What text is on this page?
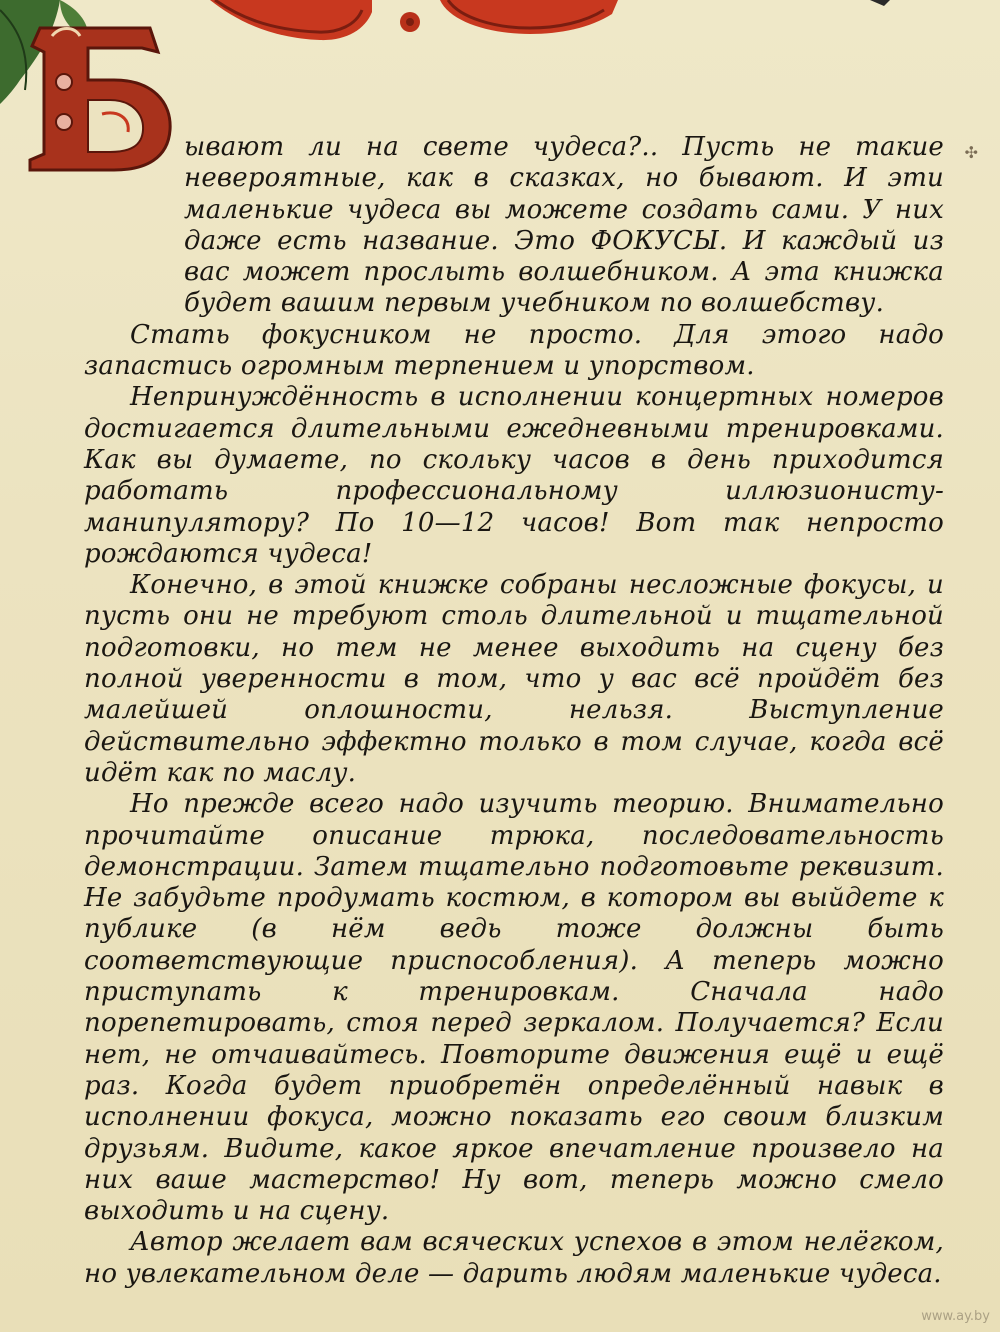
ывают ли на свете чудеса?.. Пусть не такие невероятные, как в сказках, но бывают. И эти маленькие чудеса вы можете создать сами. У них даже есть название. Это ФОКУСЫ. И каждый из вас может прослыть волшебником. А эта книжка будет вашим первым учебником по волшебству.

Стать фокусником не просто. Для этого надо запастись огромным терпением и упорством.

Непринуждённость в исполнении концертных номеров достигается длительными ежедневными тренировками. Как вы думаете, по скольку часов в день приходится работать профессиональному иллюзионисту-манипулятору? По 10—12 часов! Вот так непросто рождаются чудеса!

Конечно, в этой книжке собраны несложные фокусы, и пусть они не требуют столь длительной и тщательной подготовки, но тем не менее выходить на сцену без полной уверенности в том, что у вас всё пройдёт без малейшей оплошности, нельзя. Выступление действительно эффектно только в том случае, когда всё идёт как по маслу.

Но прежде всего надо изучить теорию. Внимательно прочитайте описание трюка, последовательность демонстрации. Затем тщательно подготовьте реквизит. Не забудьте продумать костюм, в котором вы выйдете к публике (в нём ведь тоже должны быть соответствующие приспособления). А теперь можно приступать к тренировкам. Сначала надо порепетировать, стоя перед зеркалом. Получается? Если нет, не отчаивайтесь. Повторите движения ещё и ещё раз. Когда будет приобретён определённый навык в исполнении фокуса, можно показать его своим близким друзьям. Видите, какое яркое впечатление произвело на них ваше мастерство! Ну вот, теперь можно смело выходить и на сцену.

Автор желает вам всяческих успехов в этом нелёгком, но увлекательном деле — дарить людям маленькие чудеса.

✣
www.ay.by
